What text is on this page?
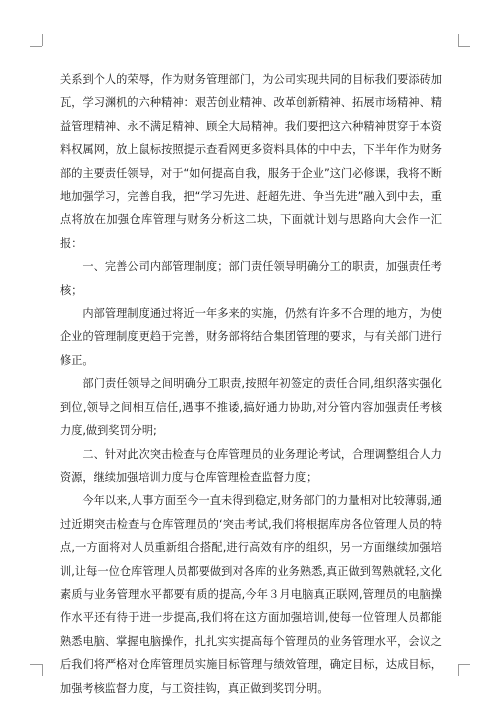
关系到个人的荣辱，作为财务管理部门，为公司实现共同的目标我们要添砖加瓦，学习渊机的六种精神：艰苦创业精神、改革创新精神、拓展市场精神、精益管理精神、永不满足精神、顾全大局精神。我们要把这六种精神贯穿于本资料权属网，放上鼠标按照提示查看网更多资料具体的中中去，下半年作为财务部的主要责任领导，对于“如何提高自我，服务于企业”这门必修课，我将不断地加强学习，完善自我，把“学习先进、赶超先进、争当先进”融入到中去，重点将放在加强仓库管理与财务分析这二块，下面就计划与思路向大会作一汇报：

一、完善公司内部管理制度；部门责任领导明确分工的职责，加强责任考核；

内部管理制度通过将近一年多来的实施，仍然有许多不合理的地方，为使企业的管理制度更趋于完善，财务部将结合集团管理的要求，与有关部门进行修正。

部门责任领导之间明确分工职责,按照年初签定的责任合同,组织落实强化到位,领导之间相互信任,遇事不推诿,搞好通力协助,对分管内容加强责任考核力度,做到奖罚分明;

二、针对此次突击检查与仓库管理员的业务理论考试，合理调整组合人力资源，继续加强培训力度与仓库管理检查监督力度；

今年以来,人事方面至今一直未得到稳定,财务部门的力量相对比较薄弱,通过近期突击检查与仓库管理员的‘突击考试,我们将根据库房各位管理人员的特点,一方面将对人员重新组合搭配,进行高效有序的组织，另一方面继续加强培训,让每一位仓库管理人员都要做到对各库的业务熟悉,真正做到驾熟就轻,文化素质与业务管理水平都要有质的提高,今年３月电脑真正联网,管理员的电脑操作水平还有待于进一步提高,我们将在这方面加强培训,使每一位管理人员都能熟悉电脑、掌握电脑操作，扎扎实实提高每个管理员的业务管理水平，会议之后我们将严格对仓库管理员实施目标管理与绩效管理，确定目标，达成目标，加强考核监督力度，与工资挂钩，真正做到奖罚分明。
